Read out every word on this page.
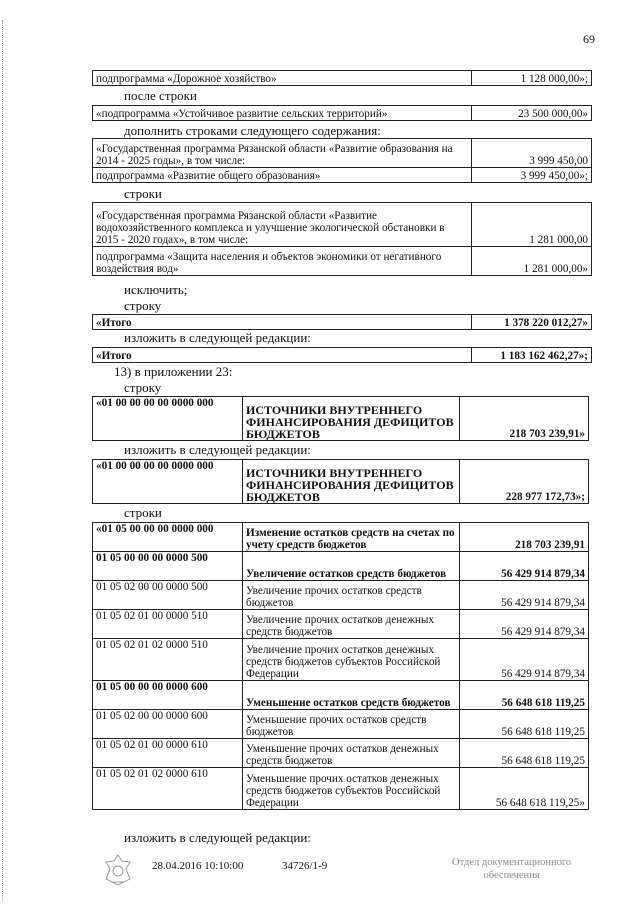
69
подпрограмма «Дорожное хозяйство»	1 128 000,00»;
после строки
«подпрограмма «Устойчивое развитие сельских территорий»	23 500 000,00»
дополнить строками следующего содержания:
«Государственная программа Рязанской области «Развитие образования на 2014 - 2025 годы», в том числе:	3 999 450,00
подпрограмма «Развитие общего образования»	3 999 450,00»;
строки
«Государственная программа Рязанской области «Развитие водохозяйственного комплекса и улучшение экологической обстановки в 2015 - 2020 годах», в том числе:	1 281 000,00
подпрограмма «Защита населения и объектов экономики от негативного воздействия вод»	1 281 000,00»
исключить;
строку
«Итого	1 378 220 012,27»
изложить в следующей редакции:
«Итого	1 183 162 462,27»;
13) в приложении 23:
строку
«01 00 00 00 00 0000 000	ИСТОЧНИКИ ВНУТРЕННЕГО ФИНАНСИРОВАНИЯ ДЕФИЦИТОВ БЮДЖЕТОВ	218 703 239,91»
изложить в следующей редакции:
«01 00 00 00 00 0000 000	ИСТОЧНИКИ ВНУТРЕННЕГО ФИНАНСИРОВАНИЯ ДЕФИЦИТОВ БЮДЖЕТОВ	228 977 172,73»;
строки
«01 05 00 00 00 0000 000	Изменение остатков средств на счетах по учету средств бюджетов	218 703 239,91
01 05 00 00 00 0000 500	Увеличение остатков средств бюджетов	56 429 914 879,34
01 05 02 00 00 0000 500	Увеличение прочих остатков средств бюджетов	56 429 914 879,34
01 05 02 01 00 0000 510	Увеличение прочих остатков денежных средств бюджетов	56 429 914 879,34
01 05 02 01 02 0000 510	Увеличение прочих остатков денежных средств бюджетов субъектов Российской Федерации	56 429 914 879,34
01 05 00 00 00 0000 600	Уменьшение остатков средств бюджетов	56 648 618 119,25
01 05 02 00 00 0000 600	Уменьшение прочих остатков средств бюджетов	56 648 618 119,25
01 05 02 01 00 0000 610	Уменьшение прочих остатков денежных средств бюджетов	56 648 618 119,25
01 05 02 01 02 0000 610	Уменьшение прочих остатков денежных средств бюджетов субъектов Российской Федерации	56 648 618 119,25»
изложить в следующей редакции:
28.04.2016 10:10:00	34726/1-9	Отдел документационного
обеспечения
